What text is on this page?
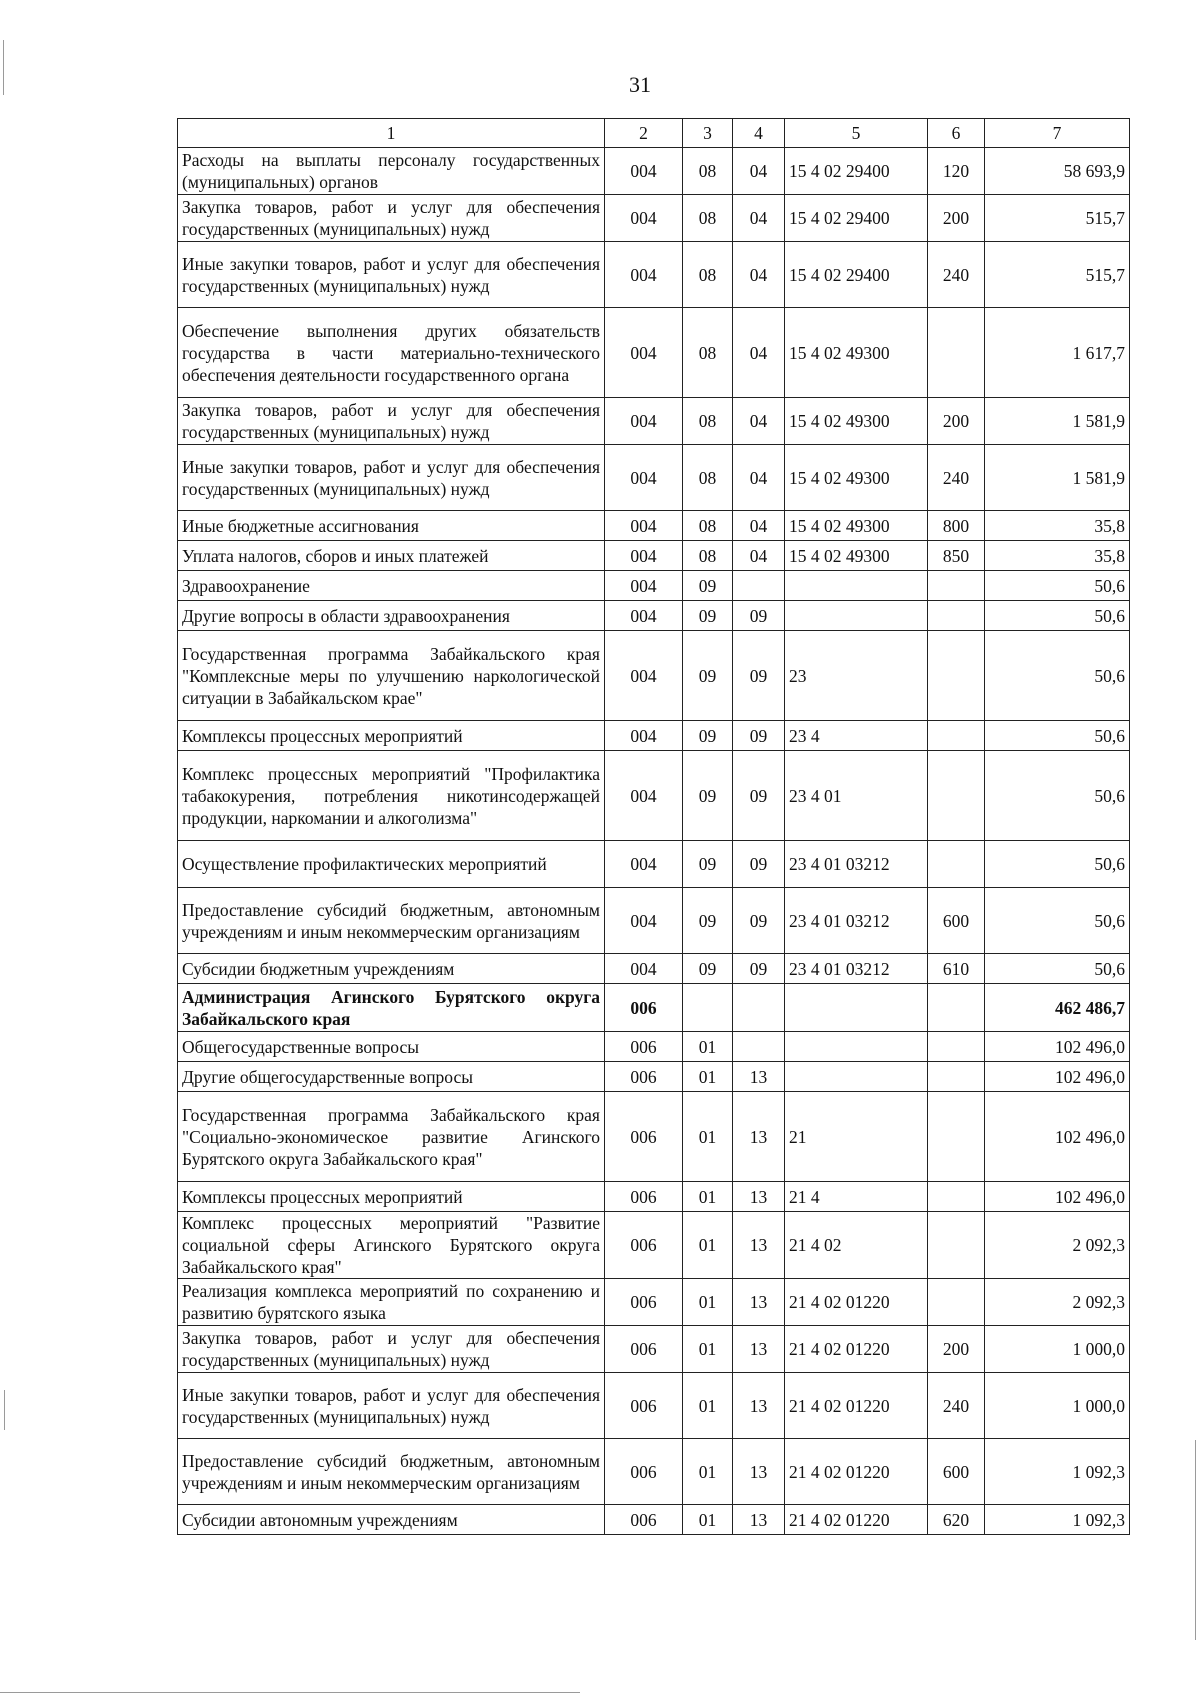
31
1	2	3	4	5	6	7
Расходы на выплаты персоналу государственных (муниципальных) органов	004	08	04	15 4 02 29400	120	58 693,9
Закупка товаров, работ и услуг для обеспечения государственных (муниципальных) нужд	004	08	04	15 4 02 29400	200	515,7
Иные закупки товаров, работ и услуг для обеспечения государственных (муниципальных) нужд	004	08	04	15 4 02 29400	240	515,7
Обеспечение выполнения других обязательств государства в части материально-технического обеспечения деятельности государственного органа	004	08	04	15 4 02 49300		1 617,7
Закупка товаров, работ и услуг для обеспечения государственных (муниципальных) нужд	004	08	04	15 4 02 49300	200	1 581,9
Иные закупки товаров, работ и услуг для обеспечения государственных (муниципальных) нужд	004	08	04	15 4 02 49300	240	1 581,9
Иные бюджетные ассигнования	004	08	04	15 4 02 49300	800	35,8
Уплата налогов, сборов и иных платежей	004	08	04	15 4 02 49300	850	35,8
Здравоохранение	004	09				50,6
Другие вопросы в области здравоохранения	004	09	09			50,6
Государственная программа Забайкальского края "Комплексные меры по улучшению наркологической ситуации в Забайкальском крае"	004	09	09	23		50,6
Комплексы процессных мероприятий	004	09	09	23 4		50,6
Комплекс процессных мероприятий "Профилактика табакокурения, потребления никотинсодержащей продукции, наркомании и алкоголизма"	004	09	09	23 4 01		50,6
Осуществление профилактических мероприятий	004	09	09	23 4 01 03212		50,6
Предоставление субсидий бюджетным, автономным учреждениям и иным некоммерческим организациям	004	09	09	23 4 01 03212	600	50,6
Субсидии бюджетным учреждениям	004	09	09	23 4 01 03212	610	50,6
Администрация Агинского Бурятского округа Забайкальского края	006					462 486,7
Общегосударственные вопросы	006	01				102 496,0
Другие общегосударственные вопросы	006	01	13			102 496,0
Государственная программа Забайкальского края "Социально-экономическое развитие Агинского Бурятского округа Забайкальского края"	006	01	13	21		102 496,0
Комплексы процессных мероприятий	006	01	13	21 4		102 496,0
Комплекс процессных мероприятий "Развитие социальной сферы Агинского Бурятского округа Забайкальского края"	006	01	13	21 4 02		2 092,3
Реализация комплекса мероприятий по сохранению и развитию бурятского языка	006	01	13	21 4 02 01220		2 092,3
Закупка товаров, работ и услуг для обеспечения государственных (муниципальных) нужд	006	01	13	21 4 02 01220	200	1 000,0
Иные закупки товаров, работ и услуг для обеспечения государственных (муниципальных) нужд	006	01	13	21 4 02 01220	240	1 000,0
Предоставление субсидий бюджетным, автономным учреждениям и иным некоммерческим организациям	006	01	13	21 4 02 01220	600	1 092,3
Субсидии автономным учреждениям	006	01	13	21 4 02 01220	620	1 092,3
